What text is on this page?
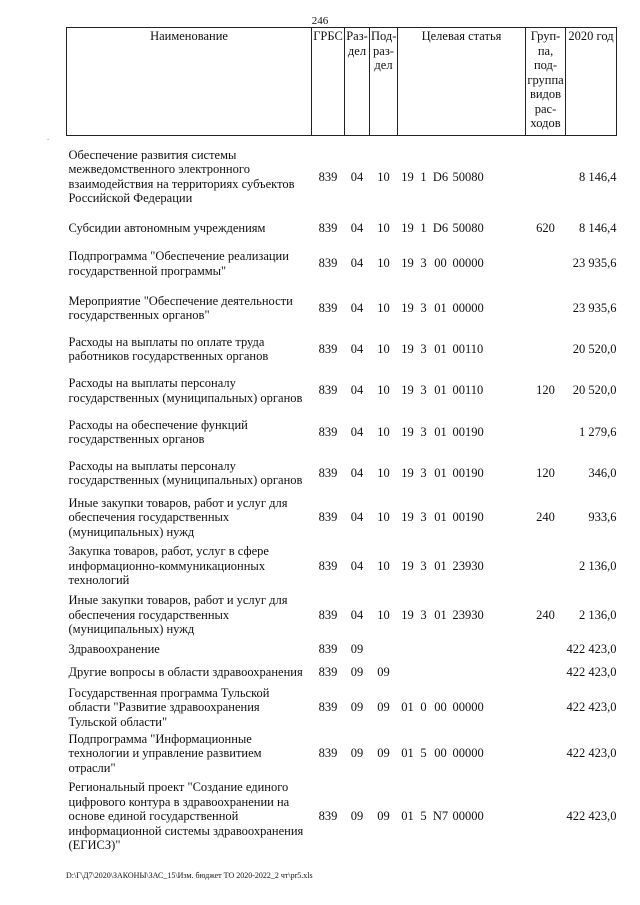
246
.
Наименование	ГРБС	Раз- дел	Под- раз- дел	Целевая статья					Груп- па, под- группа видов рас- ходов	2020 год
Обеспечение развития системы межведомственного электронного взаимодействия на территориях субъектов Российской Федерации	839	04	10	19	1	D6	50080			8 146,4
Субсидии автономным учреждениям	839	04	10	19	1	D6	50080		620	8 146,4
Подпрограмма "Обеспечение реализации государственной программы"	839	04	10	19	3	00	00000			23 935,6
Мероприятие "Обеспечение деятельности государственных органов"	839	04	10	19	3	01	00000			23 935,6
Расходы на выплаты по оплате труда работников государственных органов	839	04	10	19	3	01	00110			20 520,0
Расходы на выплаты персоналу государственных (муниципальных) органов	839	04	10	19	3	01	00110		120	20 520,0
Расходы на обеспечение функций государственных органов	839	04	10	19	3	01	00190			1 279,6
Расходы на выплаты персоналу государственных (муниципальных) органов	839	04	10	19	3	01	00190		120	346,0
Иные закупки товаров, работ и услуг для обеспечения государственных (муниципальных) нужд	839	04	10	19	3	01	00190		240	933,6
Закупка товаров, работ, услуг в сфере информационно-коммуникационных технологий	839	04	10	19	3	01	23930			2 136,0
Иные закупки товаров, работ и услуг для обеспечения государственных (муниципальных) нужд	839	04	10	19	3	01	23930		240	2 136,0
Здравоохранение	839	09								422 423,0
Другие вопросы в области здравоохранения	839	09	09							422 423,0
Государственная программа Тульской области "Развитие здравоохранения Тульской области"	839	09	09	01	0	00	00000			422 423,0
Подпрограмма "Информационные технологии и управление развитием отрасли"	839	09	09	01	5	00	00000			422 423,0
Региональный проект "Создание единого цифрового контура в здравоохранении на основе единой государственной информационной системы здравоохранения (ЕГИСЗ)"	839	09	09	01	5	N7	00000			422 423,0
D:\Г\Д7\2020\ЗАКОНЫ\ЗАС_15\Изм. бюджет ТО 2020-2022_2 чт\pr5.xls
